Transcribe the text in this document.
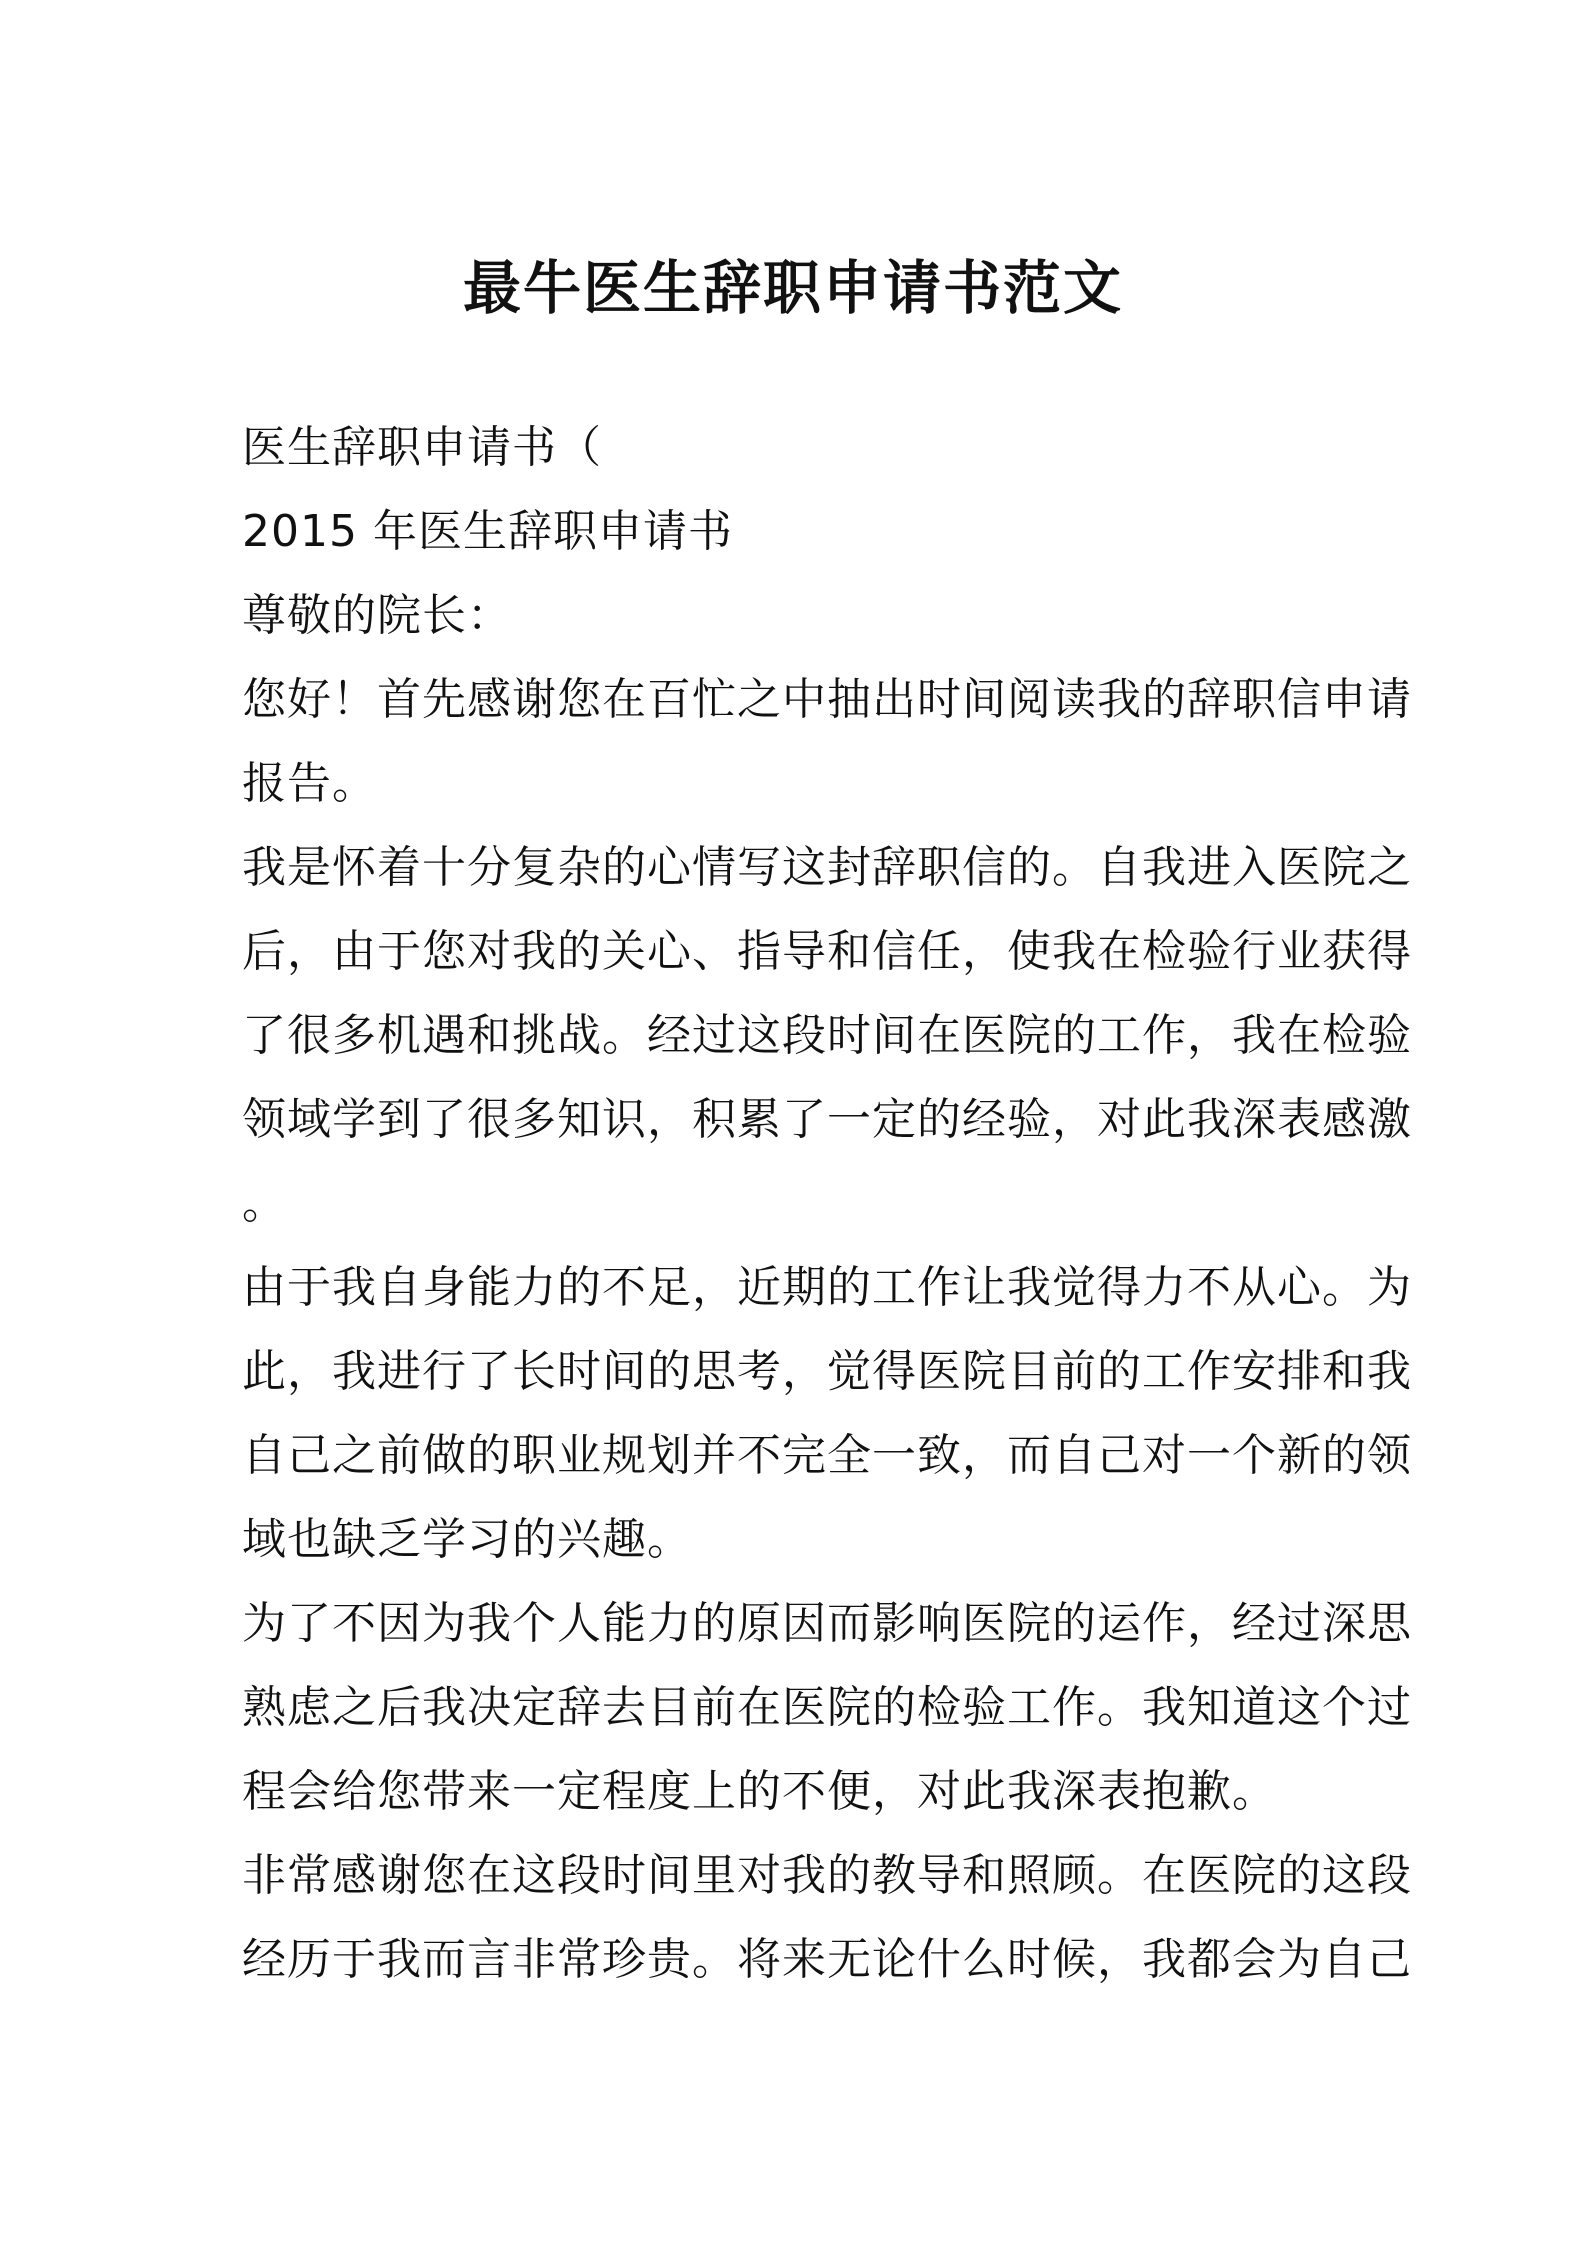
最牛医生辞职申请书范文
医生辞职申请书（
2015 年医生辞职申请书
尊敬的院长：
您好！首先感谢您在百忙之中抽出时间阅读我的辞职信申请
报告。
我是怀着十分复杂的心情写这封辞职信的。自我进入医院之
后，由于您对我的关心、指导和信任，使我在检验行业获得
了很多机遇和挑战。经过这段时间在医院的工作，我在检验
领域学到了很多知识，积累了一定的经验，对此我深表感激
。
由于我自身能力的不足，近期的工作让我觉得力不从心。为
此，我进行了长时间的思考，觉得医院目前的工作安排和我
自己之前做的职业规划并不完全一致，而自己对一个新的领
域也缺乏学习的兴趣。
为了不因为我个人能力的原因而影响医院的运作，经过深思
熟虑之后我决定辞去目前在医院的检验工作。我知道这个过
程会给您带来一定程度上的不便，对此我深表抱歉。
非常感谢您在这段时间里对我的教导和照顾。在医院的这段
经历于我而言非常珍贵。将来无论什么时候，我都会为自己
